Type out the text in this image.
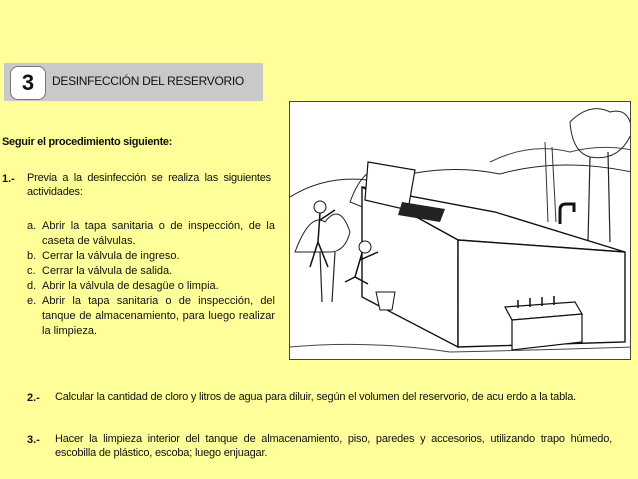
3	DESINFECCIÓN DEL RESERVORIO
Seguir el procedimiento siguiente:
1.- Previa a la desinfección se realiza las siguientes actividades:
a. Abrir la tapa sanitaria o de inspección, de la caseta de válvulas.
b. Cerrar la válvula de ingreso.
c. Cerrar la válvula de salida.
d. Abrir la válvula de desagüe o limpia.
e. Abrir la tapa sanitaria o de inspección, del tanque de almacenamiento, para luego realizar la limpieza.
2.- Calcular la cantidad de cloro y litros de agua para diluir, según el volumen del reservorio, de acu erdo a la tabla.
3.- Hacer la limpieza interior del tanque de almacenamiento, piso, paredes y accesorios, utilizando trapo húmedo, escobilla de plástico, escoba; luego enjuagar.
